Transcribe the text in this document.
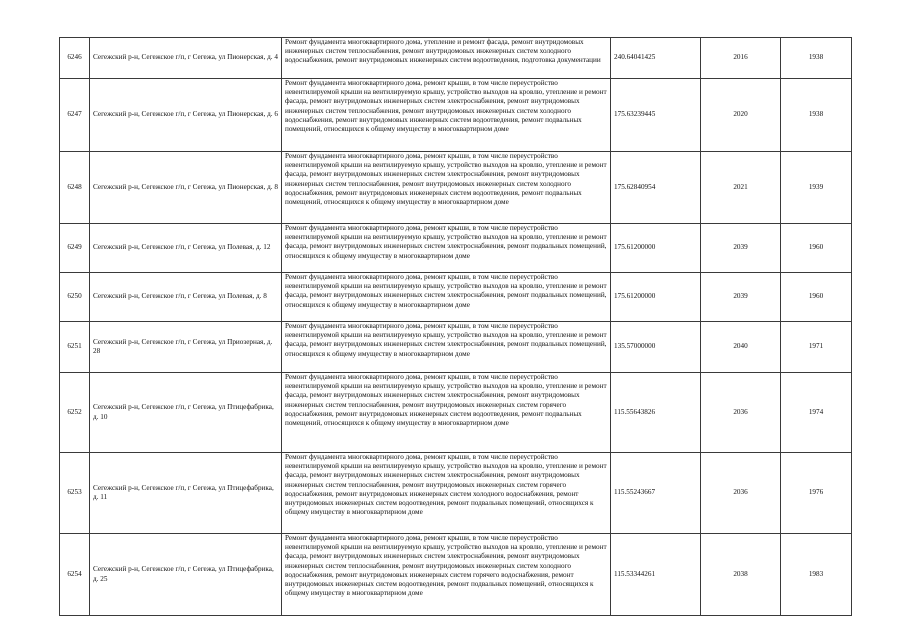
6246	Сегежский р-н, Сегежское г/п, г Сегежа, ул Пионерская, д. 4	Ремонт фундамента многоквартирного дома, утепление и ремонт фасада, ремонт внутридомовых инженерных систем теплоснабжения, ремонт внутридомовых инженерных систем холодного водоснабжения, ремонт внутридомовых инженерных систем водоотведения, подготовка документации	240.64041425	2016	1938
6247	Сегежский р-н, Сегежское г/п, г Сегежа, ул Пионерская, д. 6	Ремонт фундамента многоквартирного дома, ремонт крыши, в том числе переустройство невентилируемой крыши на вентилируемую крышу, устройство выходов на кровлю, утепление и ремонт фасада, ремонт внутридомовых инженерных систем электроснабжения, ремонт внутридомовых инженерных систем теплоснабжения, ремонт внутридомовых инженерных систем холодного водоснабжения, ремонт внутридомовых инженерных систем водоотведения, ремонт подвальных помещений, относящихся к общему имуществу в многоквартирном доме	175.63239445	2020	1938
6248	Сегежский р-н, Сегежское г/п, г Сегежа, ул Пионерская, д. 8	Ремонт фундамента многоквартирного дома, ремонт крыши, в том числе переустройство невентилируемой крыши на вентилируемую крышу, устройство выходов на кровлю, утепление и ремонт фасада, ремонт внутридомовых инженерных систем электроснабжения, ремонт внутридомовых инженерных систем теплоснабжения, ремонт внутридомовых инженерных систем холодного водоснабжения, ремонт внутридомовых инженерных систем водоотведения, ремонт подвальных помещений, относящихся к общему имуществу в многоквартирном доме	175.62840954	2021	1939
6249	Сегежский р-н, Сегежское г/п, г Сегежа, ул Полевая, д. 12	Ремонт фундамента многоквартирного дома, ремонт крыши, в том числе переустройство невентилируемой крыши на вентилируемую крышу, устройство выходов на кровлю, утепление и ремонт фасада, ремонт внутридомовых инженерных систем электроснабжения, ремонт подвальных помещений, относящихся к общему имуществу в многоквартирном доме	175.61200000	2039	1960
6250	Сегежский р-н, Сегежское г/п, г Сегежа, ул Полевая, д. 8	Ремонт фундамента многоквартирного дома, ремонт крыши, в том числе переустройство невентилируемой крыши на вентилируемую крышу, устройство выходов на кровлю, утепление и ремонт фасада, ремонт внутридомовых инженерных систем электроснабжения, ремонт подвальных помещений, относящихся к общему имуществу в многоквартирном доме	175.61200000	2039	1960
6251	Сегежский р-н, Сегежское г/п, г Сегежа, ул Приозерная, д. 28	Ремонт фундамента многоквартирного дома, ремонт крыши, в том числе переустройство невентилируемой крыши на вентилируемую крышу, устройство выходов на кровлю, утепление и ремонт фасада, ремонт внутридомовых инженерных систем электроснабжения, ремонт подвальных помещений, относящихся к общему имуществу в многоквартирном доме	135.57000000	2040	1971
6252	Сегежский р-н, Сегежское г/п, г Сегежа, ул Птицефабрика, д. 10	Ремонт фундамента многоквартирного дома, ремонт крыши, в том числе переустройство невентилируемой крыши на вентилируемую крышу, устройство выходов на кровлю, утепление и ремонт фасада, ремонт внутридомовых инженерных систем электроснабжения, ремонт внутридомовых инженерных систем теплоснабжения, ремонт внутридомовых инженерных систем горячего водоснабжения, ремонт внутридомовых инженерных систем водоотведения, ремонт подвальных помещений, относящихся к общему имуществу в многоквартирном доме	115.55643826	2036	1974
6253	Сегежский р-н, Сегежское г/п, г Сегежа, ул Птицефабрика, д. 11	Ремонт фундамента многоквартирного дома, ремонт крыши, в том числе переустройство невентилируемой крыши на вентилируемую крышу, устройство выходов на кровлю, утепление и ремонт фасада, ремонт внутридомовых инженерных систем электроснабжения, ремонт внутридомовых инженерных систем теплоснабжения, ремонт внутридомовых инженерных систем горячего водоснабжения, ремонт внутридомовых инженерных систем холодного водоснабжения, ремонт внутридомовых инженерных систем водоотведения, ремонт подвальных помещений, относящихся к общему имуществу в многоквартирном доме	115.55243667	2036	1976
6254	Сегежский р-н, Сегежское г/п, г Сегежа, ул Птицефабрика, д. 25	Ремонт фундамента многоквартирного дома, ремонт крыши, в том числе переустройство невентилируемой крыши на вентилируемую крышу, устройство выходов на кровлю, утепление и ремонт фасада, ремонт внутридомовых инженерных систем электроснабжения, ремонт внутридомовых инженерных систем теплоснабжения, ремонт внутридомовых инженерных систем холодного водоснабжения, ремонт внутридомовых инженерных систем горячего водоснабжения, ремонт внутридомовых инженерных систем водоотведения, ремонт подвальных помещений, относящихся к общему имуществу в многоквартирном доме	115.53344261	2038	1983
